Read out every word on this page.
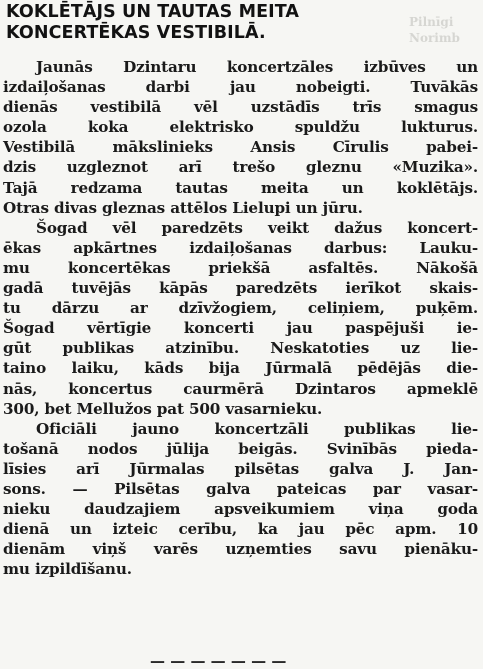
Pilnīgi
Norimb
KOKLĒTĀJS UN TAUTAS MEITA
KONCERTĒKAS VESTIBILĀ.
Jaunās Dzintaru koncertzāles izbūves un
izdaiļošanas darbi jau nobeigti. Tuvākās
dienās vestibilā vēl uzstādīs trīs smagus
ozola koka elektrisko spuldžu lukturus.
Vestibilā mākslinieks Ansis Cīrulis pabei-
dzis uzgleznot arī trešo gleznu «Muzika».
Tajā redzama tautas meita un koklētājs.
Otras divas gleznas attēlos Lielupi un jūru.
Šogad vēl paredzēts veikt dažus koncert-
ēkas apkārtnes izdaiļošanas darbus: Lauku-
mu koncertēkas priekšā asfaltēs. Nākošā
gadā tuvējās kāpās paredzēts ierīkot skais-
tu dārzu ar dzīvžogiem, celiņiem, puķēm.
Šogad vērtīgie koncerti jau paspējuši ie-
gūt publikas atzinību. Neskatoties uz lie-
taino laiku, kāds bija Jūrmalā pēdējās die-
nās, koncertus caurmērā Dzintaros apmeklē
300, bet Mellužos pat 500 vasarnieku.
Oficiāli jauno koncertzāli publikas lie-
tošanā nodos jūlija beigās. Svinībās pieda-
līsies arī Jūrmalas pilsētas galva J. Jan-
sons. — Pilsētas galva pateicas par vasar-
nieku daudzajiem apsveikumiem viņa goda
dienā un izteic cerību, ka jau pēc apm. 10
dienām viņš varēs uzņemties savu pienāku-
mu izpildīšanu.
— — — — — — —
